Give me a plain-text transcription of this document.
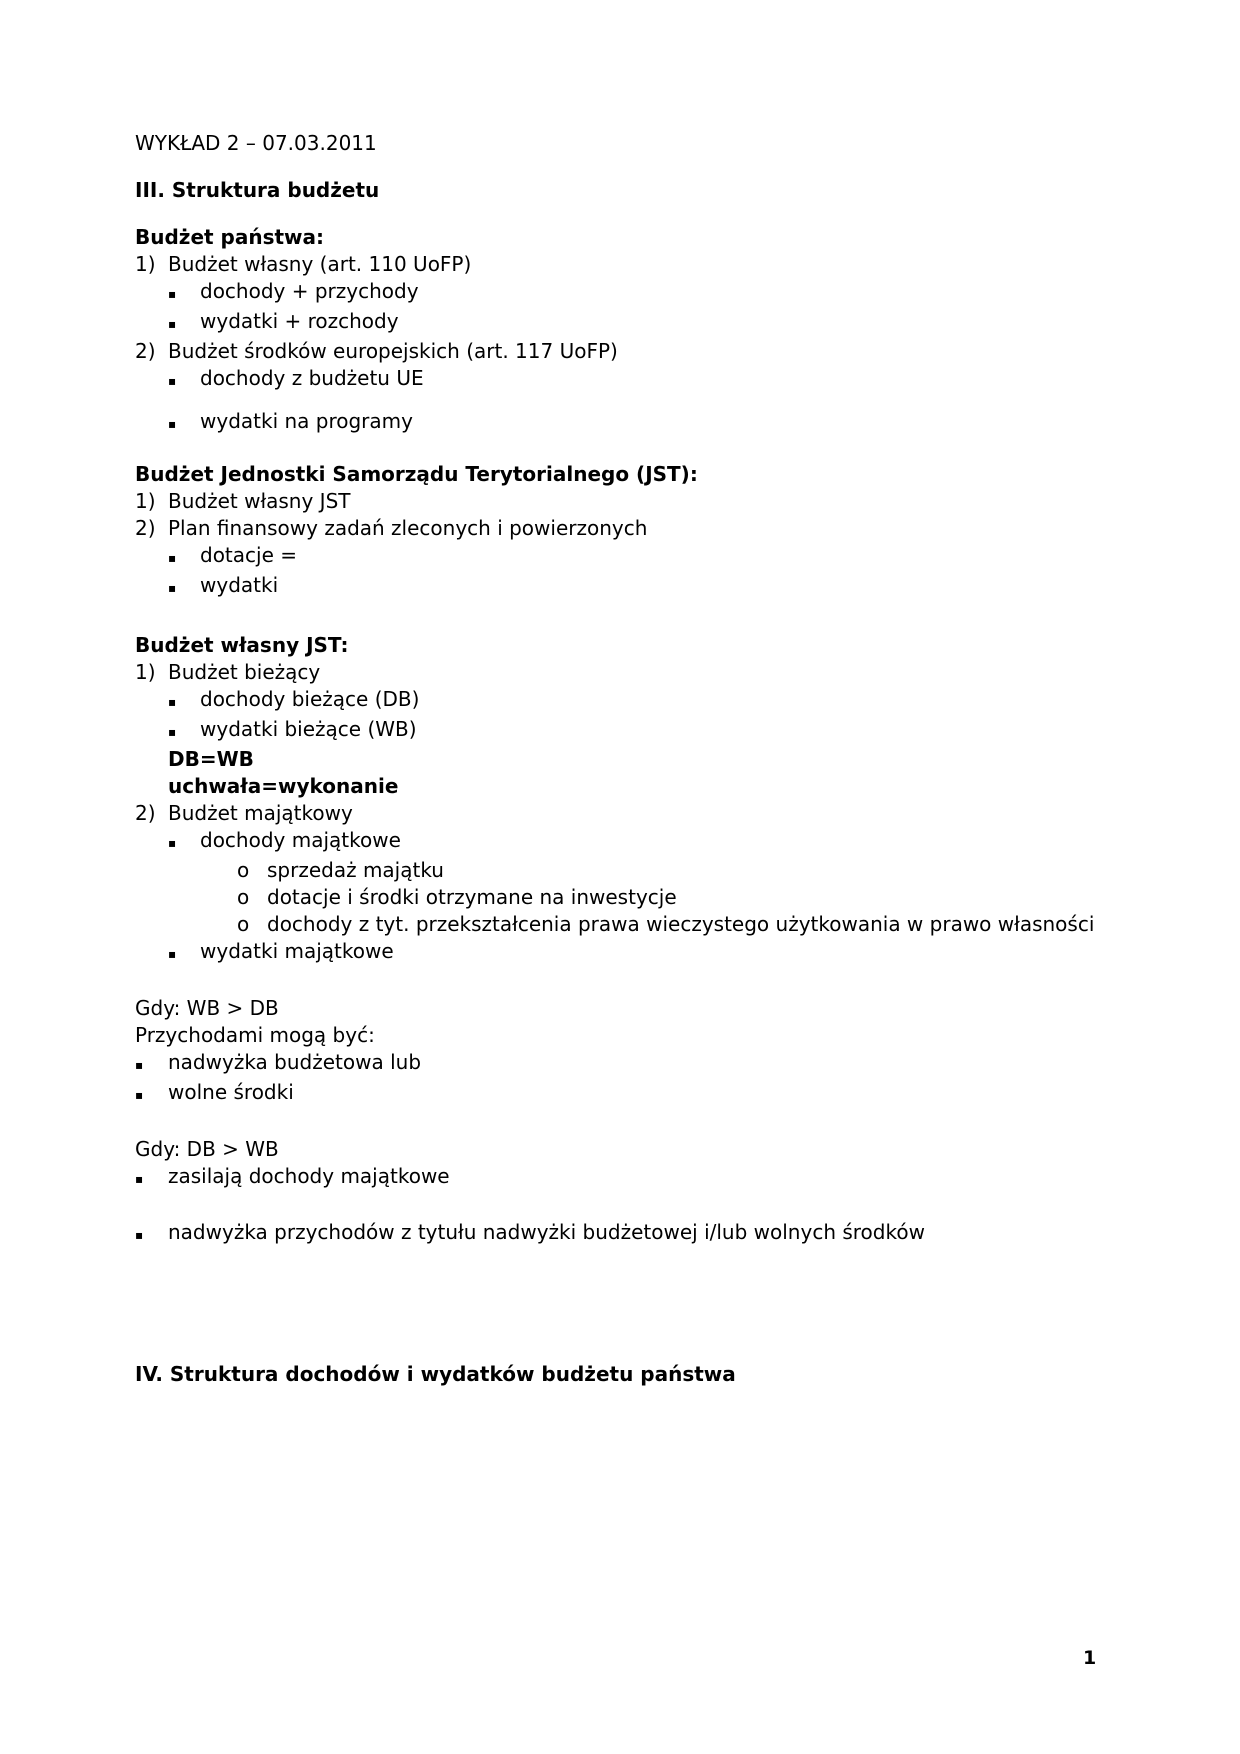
WYKŁAD 2 – 07.03.2011
III. Struktura budżetu
Budżet państwa:
1) Budżet własny (art. 110 UoFP)
▪	dochody + przychody
▪	wydatki + rozchody
2) Budżet środków europejskich (art. 117 UoFP)
▪	dochody z budżetu UE
▪	wydatki na programy
Budżet Jednostki Samorządu Terytorialnego (JST):
1) Budżet własny JST
2) Plan finansowy zadań zleconych i powierzonych
▪	dotacje =
▪	wydatki
Budżet własny JST:
1) Budżet bieżący
▪	dochody bieżące (DB)
▪	wydatki bieżące (WB)
DB=WB
uchwała=wykonanie
2) Budżet majątkowy
▪	dochody majątkowe
o sprzedaż majątku
o dotacje i środki otrzymane na inwestycje
o dochody z tyt. przekształcenia prawa wieczystego użytkowania w prawo własności
▪	wydatki majątkowe
Gdy: WB > DB
Przychodami mogą być:
▪	nadwyżka budżetowa lub
▪	wolne środki
Gdy: DB > WB
▪	zasilają dochody majątkowe
▪	nadwyżka przychodów z tytułu nadwyżki budżetowej i/lub wolnych środków
IV. Struktura dochodów i wydatków budżetu państwa
1
